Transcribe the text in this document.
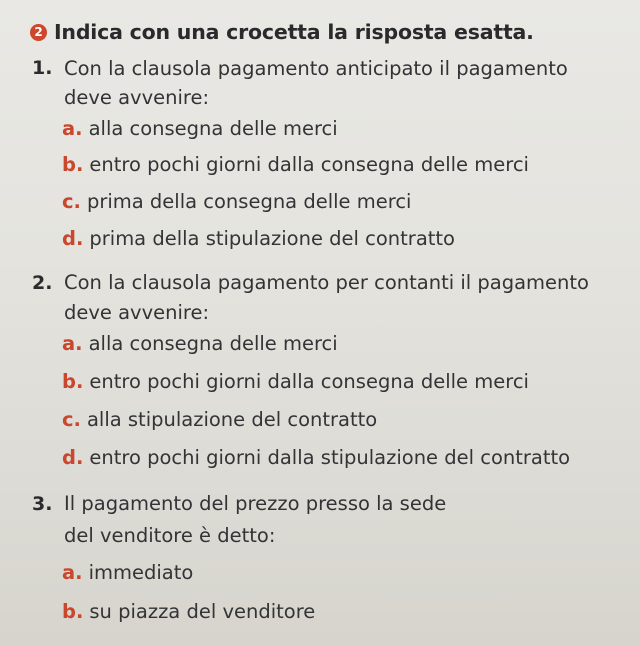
2 Indica con una crocetta la risposta esatta.
1. Con la clausola pagamento anticipato il pagamento
deve avvenire:
a. alla consegna delle merci
b. entro pochi giorni dalla consegna delle merci
c. prima della consegna delle merci
d. prima della stipulazione del contratto
2. Con la clausola pagamento per contanti il pagamento
deve avvenire:
a. alla consegna delle merci
b. entro pochi giorni dalla consegna delle merci
c. alla stipulazione del contratto
d. entro pochi giorni dalla stipulazione del contratto
3. Il pagamento del prezzo presso la sede
del venditore è detto:
a. immediato
b. su piazza del venditore
